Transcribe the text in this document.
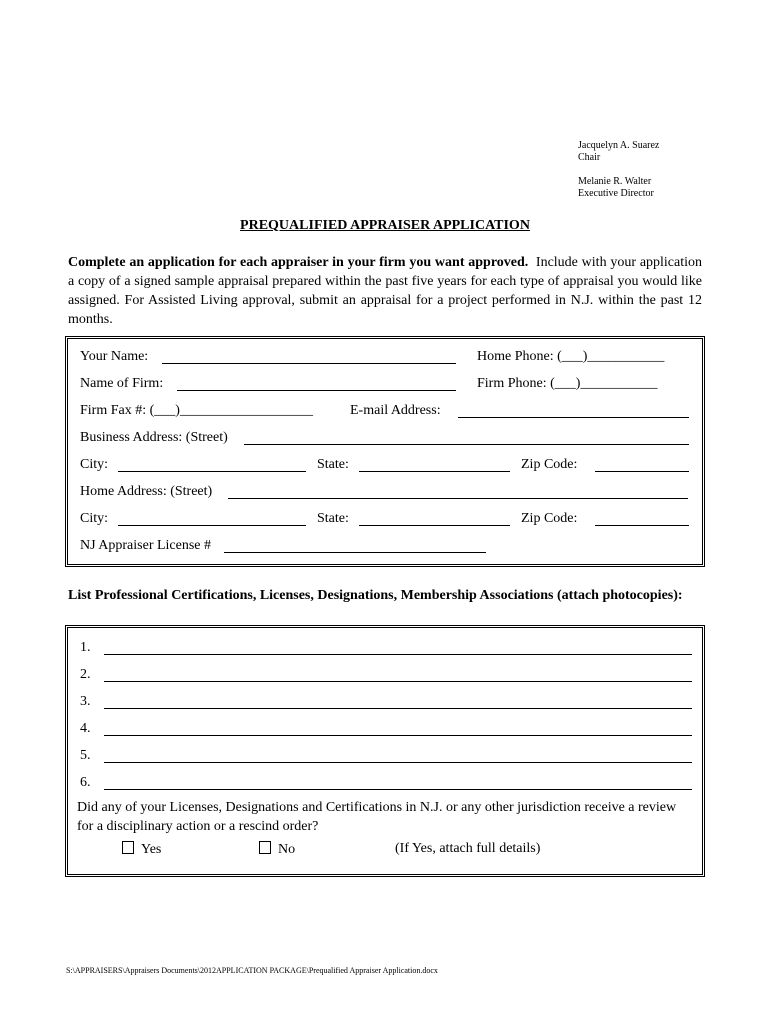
Jacquelyn A. Suarez
Chair
Melanie R. Walter
Executive Director
PREQUALIFIED APPRAISER APPLICATION
Complete an application for each appraiser in your firm you want approved. Include with your application a copy of a signed sample appraisal prepared within the past five years for each type of appraisal you would like assigned. For Assisted Living approval, submit an appraisal for a project performed in N.J. within the past 12 months.
Your Name:	Home Phone: (___)___________
Name of Firm:	Firm Phone: (___)___________
Firm Fax #: (___)___________________	E-mail Address:
Business Address: (Street)
City:	State:	Zip Code:
Home Address: (Street)
City:	State:	Zip Code:
NJ Appraiser License #
List Professional Certifications, Licenses, Designations, Membership Associations (attach photocopies):
1.
2.
3.
4.
5.
6.
Did any of your Licenses, Designations and Certifications in N.J. or any other jurisdiction receive a review for a disciplinary action or a rescind order?
Yes	No	(If Yes, attach full details)
S:\APPRAISERS\Appraisers Documents\2012APPLICATION PACKAGE\Prequalified Appraiser Application.docx
